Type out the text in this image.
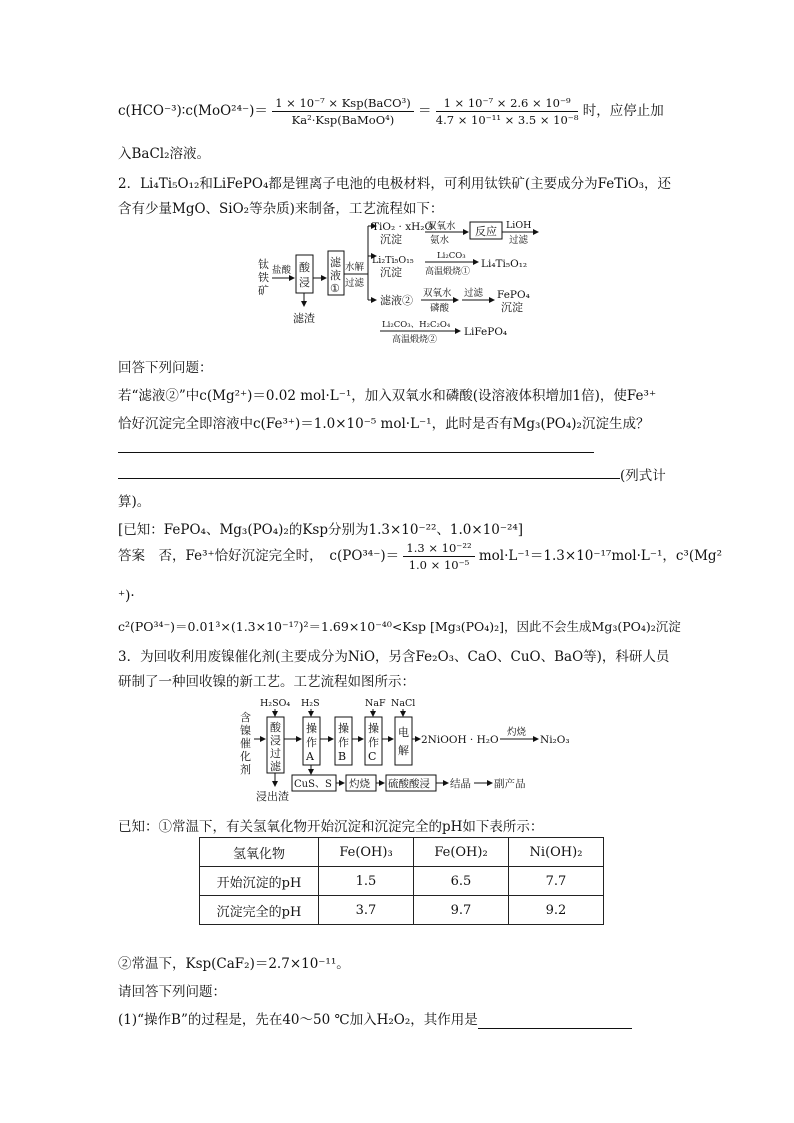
c(HCO⁻³)∶c(MoO²⁴⁻)＝ $\frac{\text{1 × 10⁻⁷ × Ksp(BaCO³)}}{\text{Ka²·Ksp(BaMoO⁴)}} = \frac{\text{1 × 10⁻⁷ × 2.6 × 10⁻⁹}}{\text{4.7 × 10⁻¹¹ × 3.5 × 10⁻⁸}}$ 时，应停止加
入BaCl₂溶液。
2．Li₄Ti₅O₁₂和LiFePO₄都是锂离子电池的电极材料，可利用钛铁矿(主要成分为FeTiO₃，还
含有少量MgO、SiO₂等杂质)来制备，工艺流程如下：
钛
铁
矿
盐酸 酸
浸
滤渣
滤
液
①
水解
过滤
TiO₂ · xH₂O
沉淀
双氧水
氨水
反应 LiOH
过滤
Li₂Ti₅O₁₅
沉淀
Li₂CO₃
高温煅烧①
Li₄Ti₅O₁₂
滤液②
双氧水
磷酸
过滤 FePO₄
沉淀
Li₂CO₃、H₂C₂O₄
高温煅烧②
LiFePO₄
回答下列问题：
若“滤液②”中c(Mg²⁺)＝0.02 mol·L⁻¹，加入双氧水和磷酸(设溶液体积增加1倍)，使Fe³⁺
恰好沉淀完全即溶液中c(Fe³⁺)＝1.0×10⁻⁵ mol·L⁻¹，此时是否有Mg₃(PO₄)₂沉淀生成？
(列式计
算)。
[已知：FePO₄、Mg₃(PO₄)₂的Ksp分别为1.3×10⁻²²、1.0×10⁻²⁴]
答案　否，Fe³⁺恰好沉淀完全时，　$c(PO^{34-})= \frac{\text{1.3 × 10⁻²²}}{\text{1.0 × 10⁻⁵}} mol\cdot L^{-1}=1.3\times 10^{-17}mol\cdot L^{-1}$，c³(Mg²
⁺)·
c²(PO³⁴⁻)＝0.01³×(1.3×10⁻¹⁷)²＝1.69×10⁻⁴⁰<Ksp [Mg₃(PO₄)₂]，因此不会生成Mg₃(PO₄)₂沉淀
3．为回收利用废镍催化剂(主要成分为NiO，另含Fe₂O₃、CaO、CuO、BaO等)，科研人员
研制了一种回收镍的新工艺。工艺流程如图所示：
含
镍
催
化
剂
H₂SO₄
酸
浸
过
滤
浸出渣
H₂S
操
作
A
CuS、S 灼烧 硫酸酸浸 结晶 副产品
操
作
B
NaF
操
作
C
NaCl
电
解
2NiOOH · H₂O
灼烧
Ni₂O₃
已知：①常温下，有关氢氧化物开始沉淀和沉淀完全的pH如下表所示：
氢氧化物	Fe(OH)₃	Fe(OH)₂	Ni(OH)₂
开始沉淀的pH	1.5	6.5	7.7
沉淀完全的pH	3.7	9.7	9.2
②常温下，Ksp(CaF₂)＝2.7×10⁻¹¹。
请回答下列问题：
(1)“操作B”的过程是，先在40～50 ℃加入H₂O₂，其作用是
